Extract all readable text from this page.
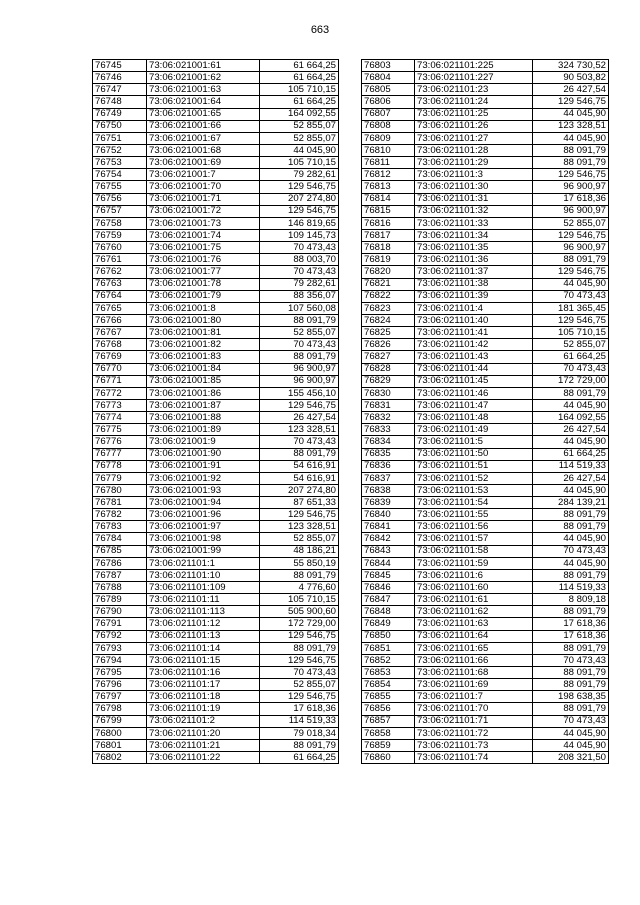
663
76745	73:06:021001:61	61 664,25
76746	73:06:021001:62	61 664,25
76747	73:06:021001:63	105 710,15
76748	73:06:021001:64	61 664,25
76749	73:06:021001:65	164 092,55
76750	73:06:021001:66	52 855,07
76751	73:06:021001:67	52 855,07
76752	73:06:021001:68	44 045,90
76753	73:06:021001:69	105 710,15
76754	73:06:021001:7	79 282,61
76755	73:06:021001:70	129 546,75
76756	73:06:021001:71	207 274,80
76757	73:06:021001:72	129 546,75
76758	73:06:021001:73	146 819,65
76759	73:06:021001:74	109 145,73
76760	73:06:021001:75	70 473,43
76761	73:06:021001:76	88 003,70
76762	73:06:021001:77	70 473,43
76763	73:06:021001:78	79 282,61
76764	73:06:021001:79	88 356,07
76765	73:06:021001:8	107 560,08
76766	73:06:021001:80	88 091,79
76767	73:06:021001:81	52 855,07
76768	73:06:021001:82	70 473,43
76769	73:06:021001:83	88 091,79
76770	73:06:021001:84	96 900,97
76771	73:06:021001:85	96 900,97
76772	73:06:021001:86	155 456,10
76773	73:06:021001:87	129 546,75
76774	73:06:021001:88	26 427,54
76775	73:06:021001:89	123 328,51
76776	73:06:021001:9	70 473,43
76777	73:06:021001:90	88 091,79
76778	73:06:021001:91	54 616,91
76779	73:06:021001:92	54 616,91
76780	73:06:021001:93	207 274,80
76781	73:06:021001:94	87 651,33
76782	73:06:021001:96	129 546,75
76783	73:06:021001:97	123 328,51
76784	73:06:021001:98	52 855,07
76785	73:06:021001:99	48 186,21
76786	73:06:021101:1	55 850,19
76787	73:06:021101:10	88 091,79
76788	73:06:021101:109	4 776,60
76789	73:06:021101:11	105 710,15
76790	73:06:021101:113	505 900,60
76791	73:06:021101:12	172 729,00
76792	73:06:021101:13	129 546,75
76793	73:06:021101:14	88 091,79
76794	73:06:021101:15	129 546,75
76795	73:06:021101:16	70 473,43
76796	73:06:021101:17	52 855,07
76797	73:06:021101:18	129 546,75
76798	73:06:021101:19	17 618,36
76799	73:06:021101:2	114 519,33
76800	73:06:021101:20	79 018,34
76801	73:06:021101:21	88 091,79
76802	73:06:021101:22	61 664,25
76803	73:06:021101:225	324 730,52
76804	73:06:021101:227	90 503,82
76805	73:06:021101:23	26 427,54
76806	73:06:021101:24	129 546,75
76807	73:06:021101:25	44 045,90
76808	73:06:021101:26	123 328,51
76809	73:06:021101:27	44 045,90
76810	73:06:021101:28	88 091,79
76811	73:06:021101:29	88 091,79
76812	73:06:021101:3	129 546,75
76813	73:06:021101:30	96 900,97
76814	73:06:021101:31	17 618,36
76815	73:06:021101:32	96 900,97
76816	73:06:021101:33	52 855,07
76817	73:06:021101:34	129 546,75
76818	73:06:021101:35	96 900,97
76819	73:06:021101:36	88 091,79
76820	73:06:021101:37	129 546,75
76821	73:06:021101:38	44 045,90
76822	73:06:021101:39	70 473,43
76823	73:06:021101:4	181 365,45
76824	73:06:021101:40	129 546,75
76825	73:06:021101:41	105 710,15
76826	73:06:021101:42	52 855,07
76827	73:06:021101:43	61 664,25
76828	73:06:021101:44	70 473,43
76829	73:06:021101:45	172 729,00
76830	73:06:021101:46	88 091,79
76831	73:06:021101:47	44 045,90
76832	73:06:021101:48	164 092,55
76833	73:06:021101:49	26 427,54
76834	73:06:021101:5	44 045,90
76835	73:06:021101:50	61 664,25
76836	73:06:021101:51	114 519,33
76837	73:06:021101:52	26 427,54
76838	73:06:021101:53	44 045,90
76839	73:06:021101:54	284 139,21
76840	73:06:021101:55	88 091,79
76841	73:06:021101:56	88 091,79
76842	73:06:021101:57	44 045,90
76843	73:06:021101:58	70 473,43
76844	73:06:021101:59	44 045,90
76845	73:06:021101:6	88 091,79
76846	73:06:021101:60	114 519,33
76847	73:06:021101:61	8 809,18
76848	73:06:021101:62	88 091,79
76849	73:06:021101:63	17 618,36
76850	73:06:021101:64	17 618,36
76851	73:06:021101:65	88 091,79
76852	73:06:021101:66	70 473,43
76853	73:06:021101:68	88 091,79
76854	73:06:021101:69	88 091,79
76855	73:06:021101:7	198 638,35
76856	73:06:021101:70	88 091,79
76857	73:06:021101:71	70 473,43
76858	73:06:021101:72	44 045,90
76859	73:06:021101:73	44 045,90
76860	73:06:021101:74	208 321,50
